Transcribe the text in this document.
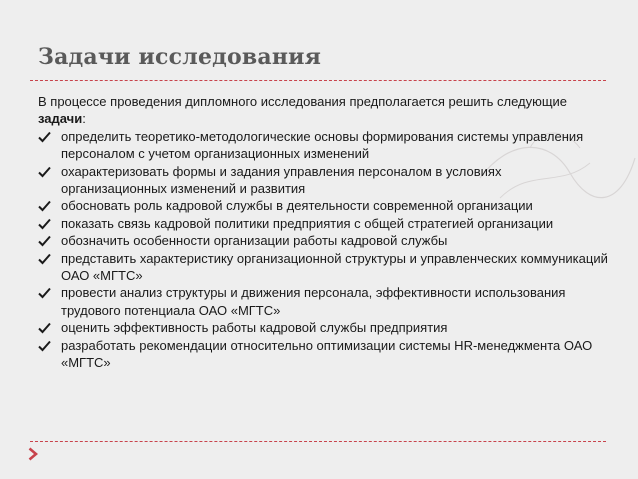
Задачи исследования

В процессе проведения дипломного исследования предполагается решить следующие задачи:

определить теоретико-методологические основы формирования системы управления персоналом с учетом организационных изменений
охарактеризовать формы и задания управления персоналом в условиях организационных изменений и развития
обосновать роль кадровой службы в деятельности современной организации
показать связь кадровой политики предприятия с общей стратегией организации
обозначить особенности организации работы кадровой службы
представить характеристику организационной структуры и управленческих коммуникаций ОАО «МГТС»
провести анализ структуры и движения персонала, эффективности использования трудового потенциала ОАО «МГТС»
оценить эффективность работы кадровой службы предприятия
разработать рекомендации относительно оптимизации системы HR-менеджмента ОАО «МГТС»
